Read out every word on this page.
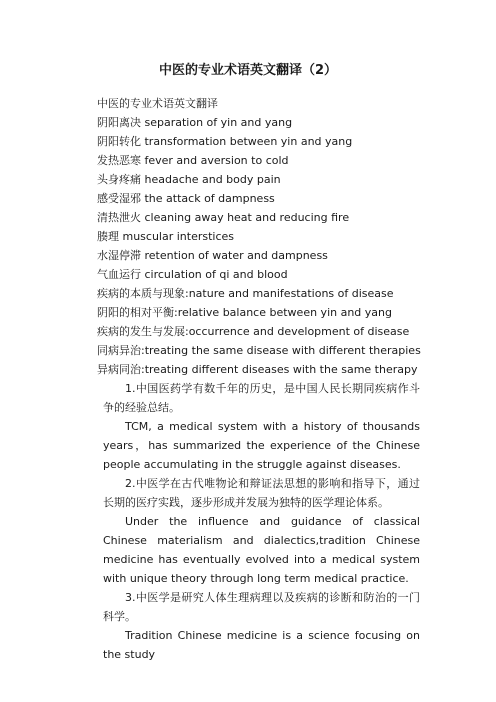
中医的专业术语英文翻译（2）
中医的专业术语英文翻译
阴阳离决 separation of yin and yang
阴阳转化 transformation between yin and yang
发热恶寒 fever and aversion to cold
头身疼痛 headache and body pain
感受湿邪 the attack of dampness
清热泄火 cleaning away heat and reducing fire
腠理 muscular interstices
水湿停滞 retention of water and dampness
气血运行 circulation of qi and blood
疾病的本质与现象:nature and manifestations of disease
阴阳的相对平衡:relative balance between yin and yang
疾病的发生与发展:occurrence and development of disease
同病异治:treating the same disease with different therapies
异病同治:treating different diseases with the same therapy

1.中国医药学有数千年的历史，是中国人民长期同疾病作斗争的经验总结。

TCM, a medical system with a history of thousands years，has summarized the experience of the Chinese people accumulating in the struggle against diseases.

2.中医学在古代唯物论和辩证法思想的影响和指导下，通过长期的医疗实践，逐步形成并发展为独特的医学理论体系。

Under the influence and guidance of classical Chinese materialism and dialectics,tradition Chinese medicine has eventually evolved into a medical system with unique theory through long term medical practice.

3.中医学是研究人体生理病理以及疾病的诊断和防治的一门科学。

Tradition Chinese medicine is a science focusing on the study
